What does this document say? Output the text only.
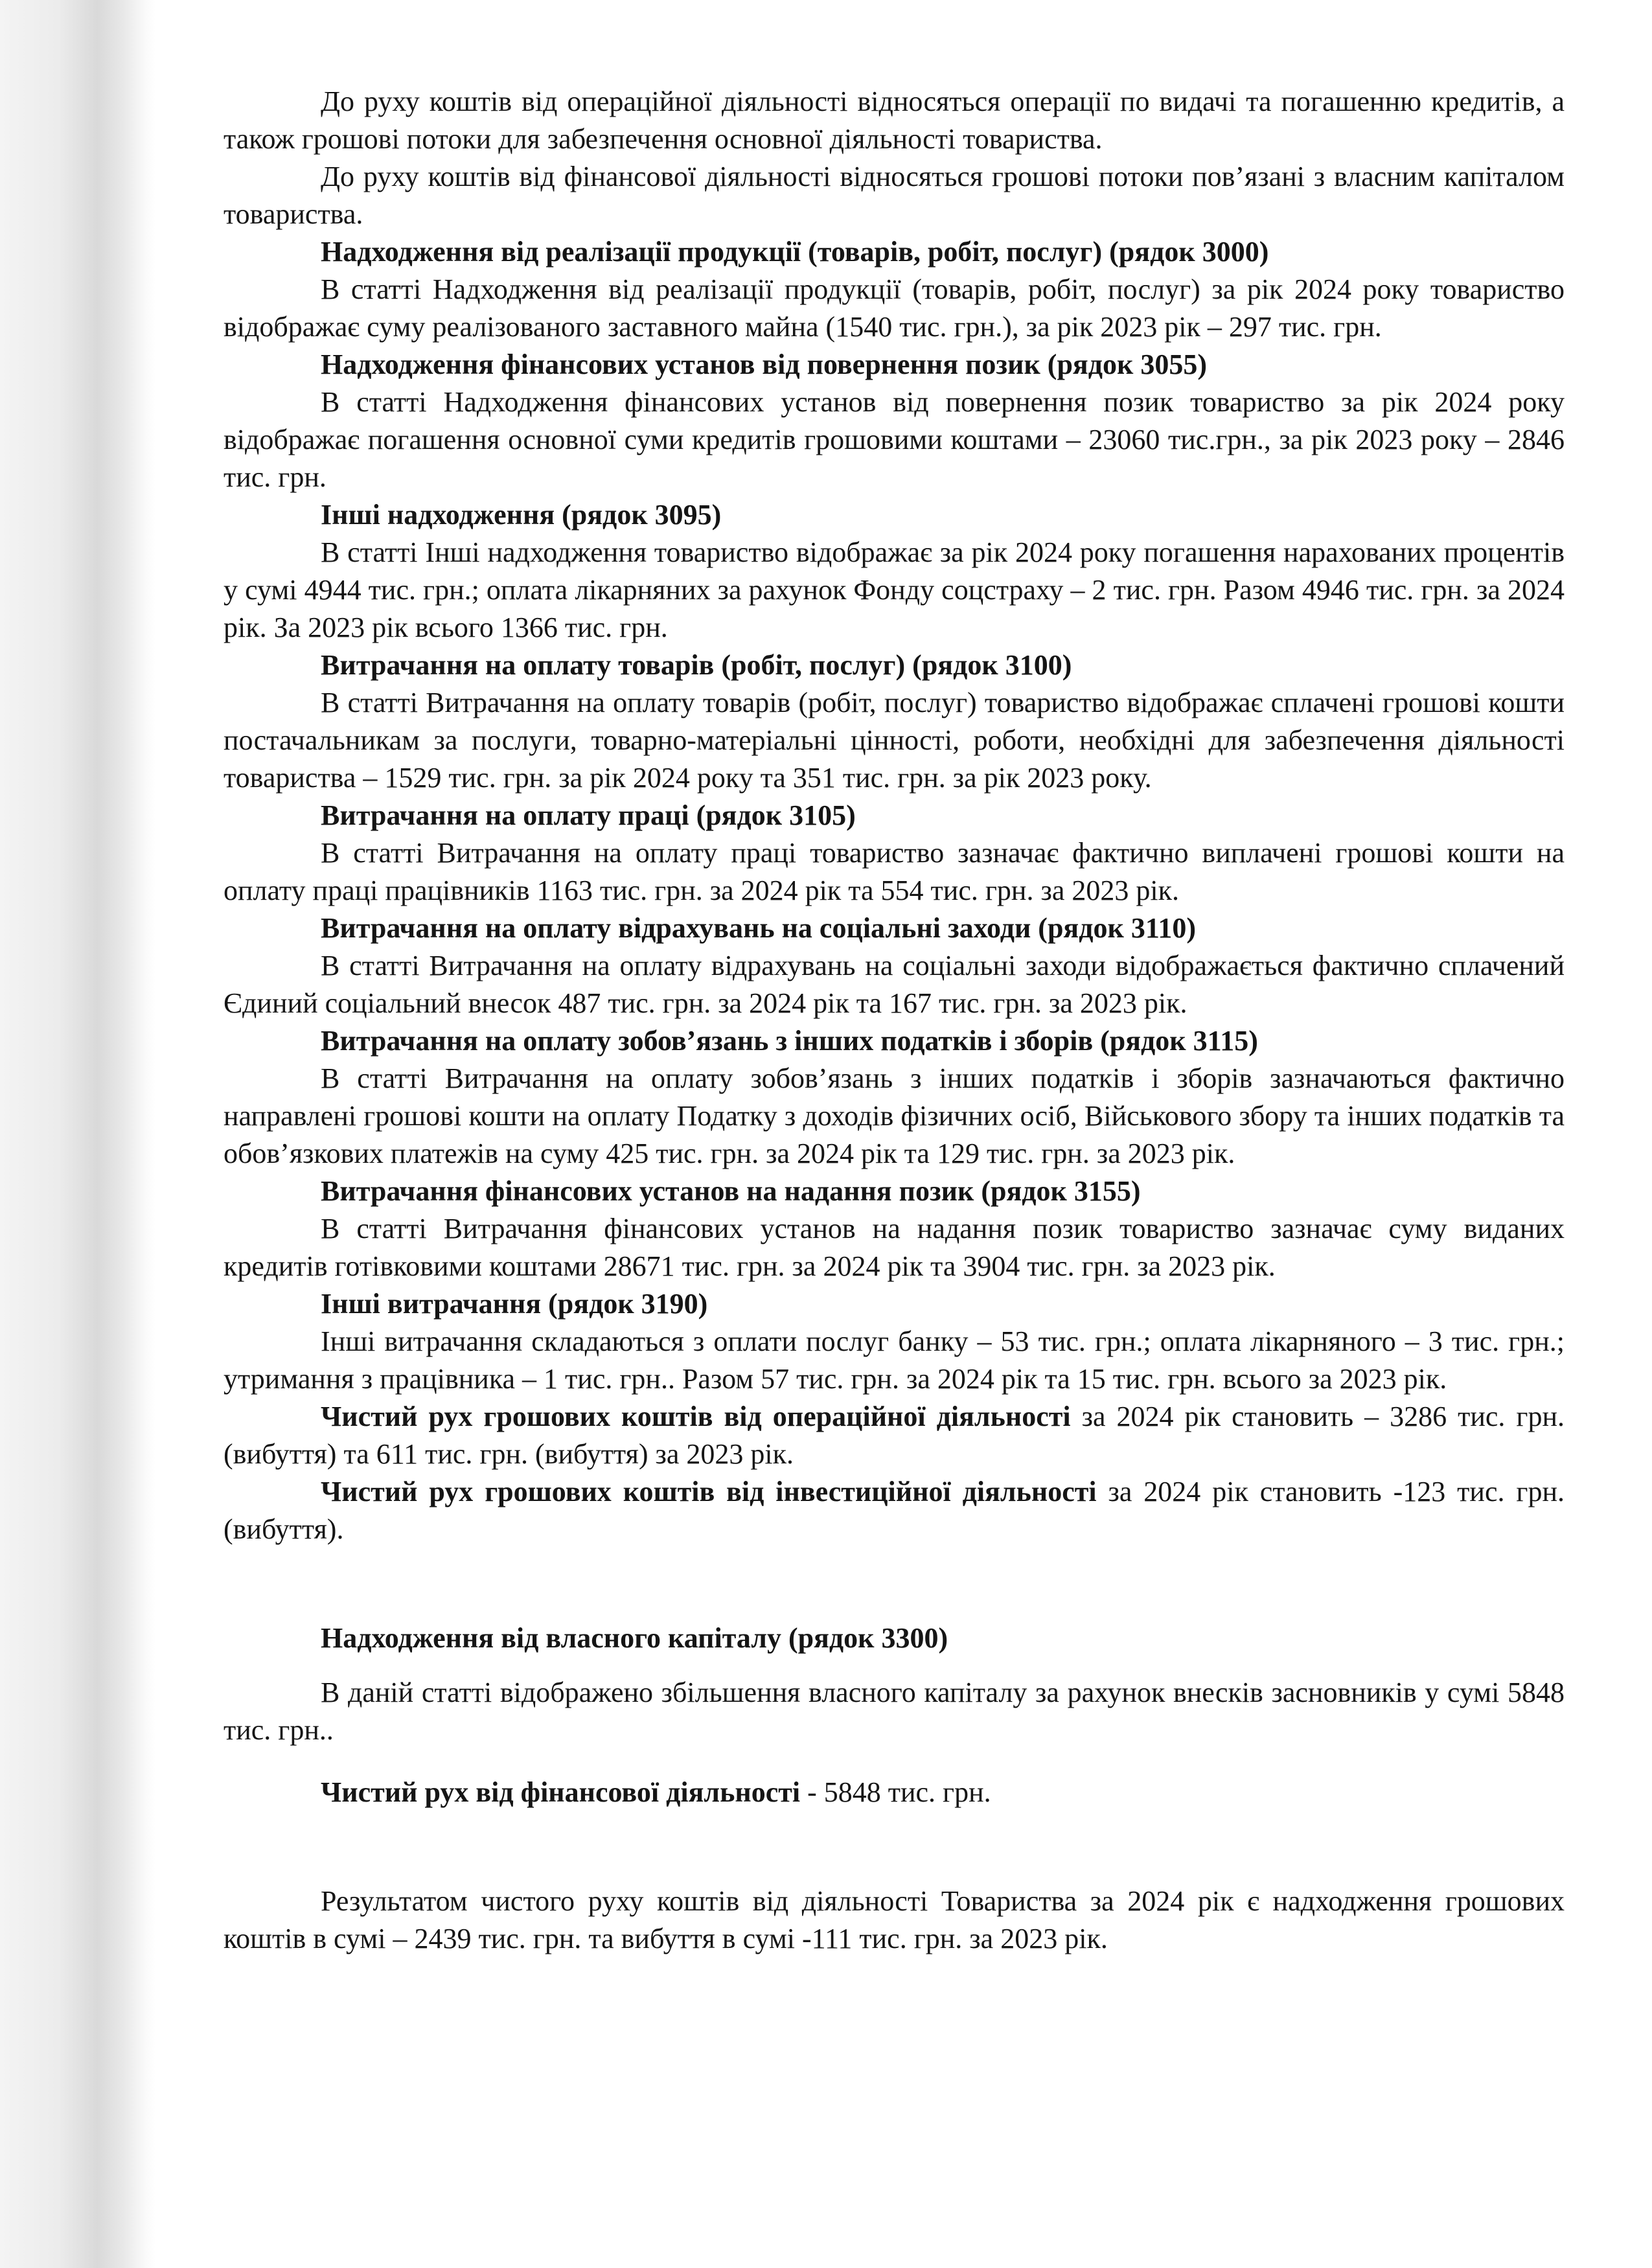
До руху коштів від операційної діяльності відносяться операції по видачі та погашенню кредитів, а також грошові потоки для забезпечення основної діяльності товариства.

До руху коштів від фінансової діяльності відносяться грошові потоки пов’язані з власним капіталом товариства.

Надходження від реалізації продукції (товарів, робіт, послуг) (рядок 3000)

В статті Надходження від реалізації продукції (товарів, робіт, послуг) за рік 2024 року товариство відображає суму реалізованого заставного майна (1540 тис. грн.), за рік 2023 рік – 297 тис. грн.

Надходження фінансових установ від повернення позик (рядок 3055)

В статті Надходження фінансових установ від повернення позик товариство за рік 2024 року відображає погашення основної суми кредитів грошовими коштами – 23060 тис.грн., за рік 2023 року – 2846 тис. грн.

Інші надходження (рядок 3095)

В статті Інші надходження товариство відображає за рік 2024 року погашення нарахованих процентів у сумі 4944 тис. грн.; оплата лікарняних за рахунок Фонду соцстраху – 2 тис. грн. Разом 4946 тис. грн. за 2024 рік. За 2023 рік всього 1366 тис. грн.

Витрачання на оплату товарів (робіт, послуг) (рядок 3100)

В статті Витрачання на оплату товарів (робіт, послуг) товариство відображає сплачені грошові кошти постачальникам за послуги, товарно-матеріальні цінності, роботи, необхідні для забезпечення діяльності товариства – 1529 тис. грн. за рік 2024 року та 351 тис. грн. за рік 2023 року.

Витрачання на оплату праці (рядок 3105)

В статті Витрачання на оплату праці товариство зазначає фактично виплачені грошові кошти на оплату праці працівників 1163 тис. грн. за 2024 рік та 554 тис. грн. за 2023 рік.

Витрачання на оплату відрахувань на соціальні заходи (рядок 3110)

В статті Витрачання на оплату відрахувань на соціальні заходи відображається фактично сплачений Єдиний соціальний внесок 487 тис. грн. за 2024 рік та 167 тис. грн. за 2023 рік.

Витрачання на оплату зобов’язань з інших податків і зборів (рядок 3115)

В статті Витрачання на оплату зобов’язань з інших податків і зборів зазначаються фактично направлені грошові кошти на оплату Податку з доходів фізичних осіб, Військового збору та інших податків та обов’язкових платежів на суму 425 тис. грн. за 2024 рік та 129 тис. грн. за 2023 рік.

Витрачання фінансових установ на надання позик (рядок 3155)

В статті Витрачання фінансових установ на надання позик товариство зазначає суму виданих кредитів готівковими коштами 28671 тис. грн. за 2024 рік та 3904 тис. грн. за 2023 рік.

Інші витрачання (рядок 3190)

Інші витрачання складаються з оплати послуг банку – 53 тис. грн.; оплата лікарняного – 3 тис. грн.; утримання з працівника – 1 тис. грн.. Разом 57 тис. грн. за 2024 рік та 15 тис. грн. всього за 2023 рік.

Чистий рух грошових коштів від операційної діяльності за 2024 рік становить – 3286 тис. грн. (вибуття) та 611 тис. грн. (вибуття) за 2023 рік.

Чистий рух грошових коштів від інвестиційної діяльності за 2024 рік становить -123 тис. грн. (вибуття).

Надходження від власного капіталу (рядок 3300)

В даній статті відображено збільшення власного капіталу за рахунок внесків засновників у сумі 5848 тис. грн..

Чистий рух від фінансової діяльності - 5848 тис. грн.

Результатом чистого руху коштів від діяльності Товариства за 2024 рік є надходження грошових коштів в сумі – 2439 тис. грн. та вибуття в сумі -111 тис. грн. за 2023 рік.
